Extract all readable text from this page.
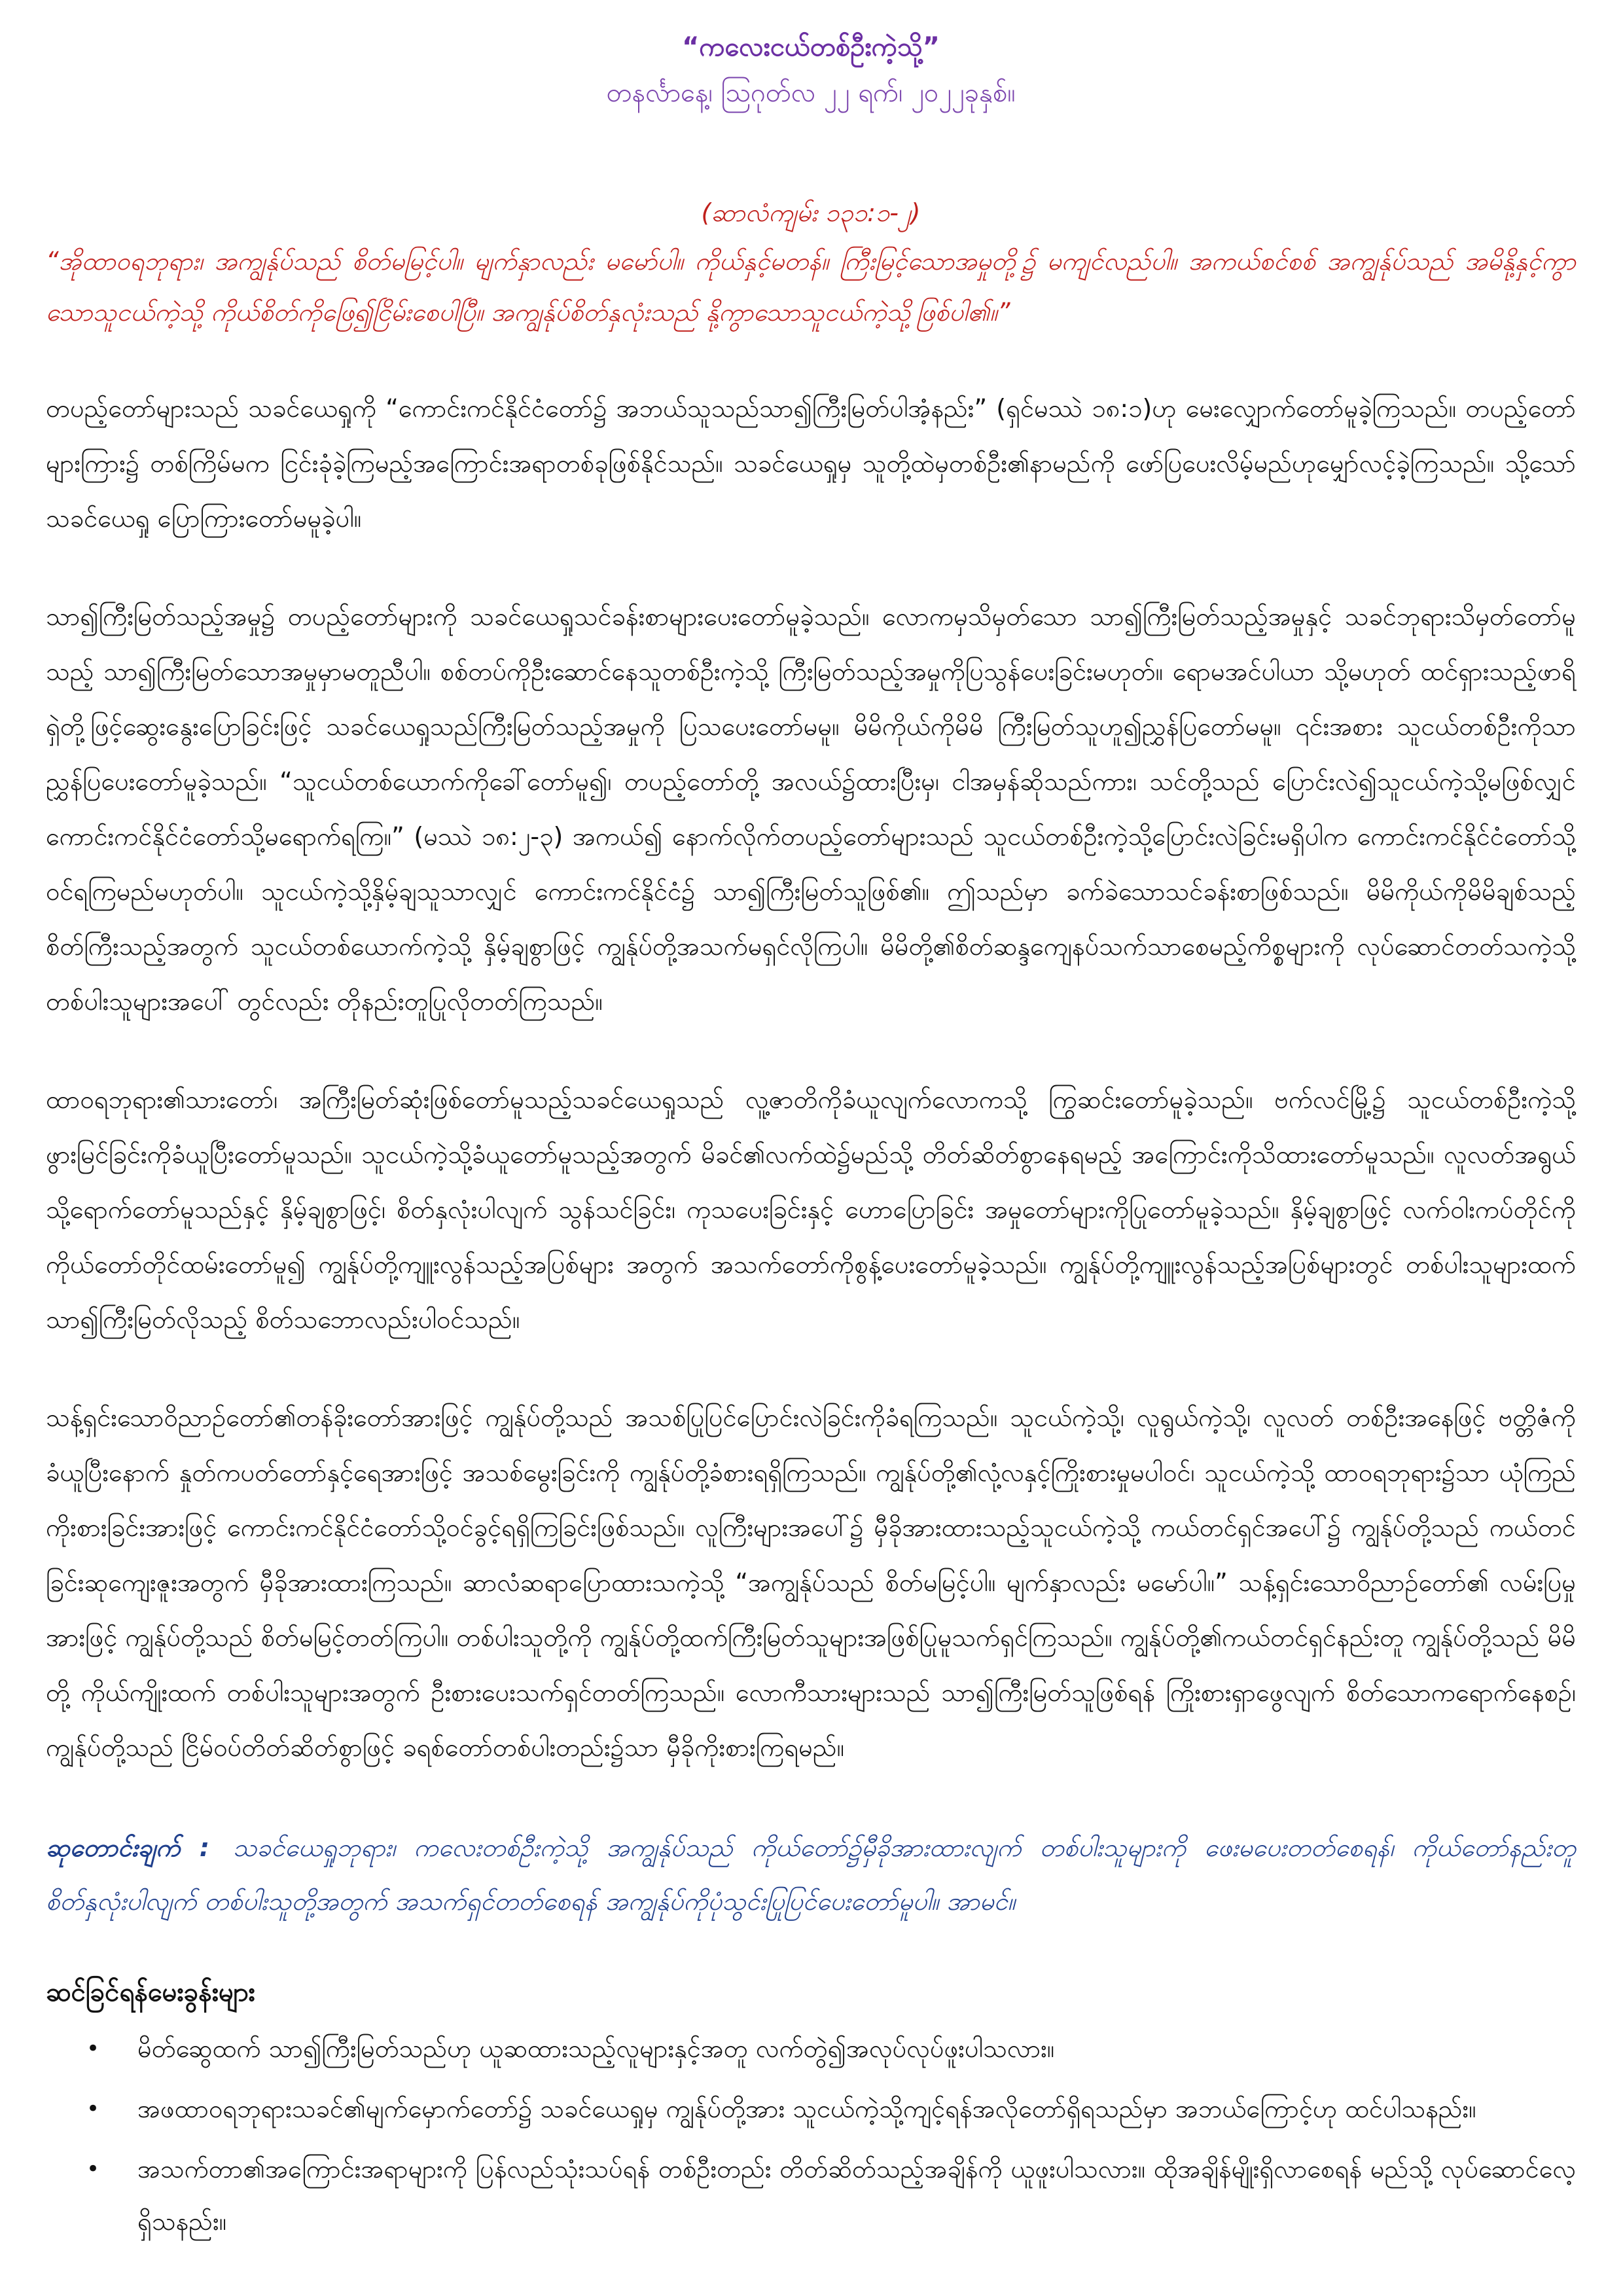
“ကလေးငယ်တစ်ဦးကဲ့သို့”

တနင်္လာနေ့၊ ဩဂုတ်လ ၂၂ ရက်၊ ၂၀၂၂ခုနှစ်။

(ဆာလံကျမ်း ၁၃၁:၁-၂)

“အိုထာဝရဘုရား၊ အကျွန်ုပ်သည် စိတ်မမြင့်ပါ။ မျက်နှာလည်း မမော်ပါ။ ကိုယ်နှင့်မတန်။ ကြီးမြင့်သောအမှုတို့၌ မကျင်လည်ပါ။ အကယ်စင်စစ် အကျွန်ုပ်သည် အမိနို့နှင့်ကွာသောသူငယ်ကဲ့သို့ ကိုယ်စိတ်ကိုဖြေ၍ငြိမ်းစေပါပြီ။ အကျွန်ုပ်စိတ်နှလုံးသည် နို့ကွာသောသူငယ်ကဲ့သို့ဖြစ်ပါ၏။”

တပည့်တော်များသည် သခင်ယေရှုကို “ကောင်းကင်နိုင်ငံတော်၌ အဘယ်သူသည်သာ၍ကြီးမြတ်ပါအံ့နည်း” (ရှင်မဿဲ ၁၈:၁)ဟု မေးလျှောက်တော်မူခဲ့ကြသည်။ တပည့်တော်များကြား၌ တစ်ကြိမ်မက ငြင်းခုံခဲ့ကြမည့်အကြောင်းအရာတစ်ခုဖြစ်နိုင်သည်။ သခင်ယေရှုမှ သူတို့ထဲမှတစ်ဦး၏နာမည်ကို ဖော်ပြပေးလိမ့်မည်ဟုမျှော်လင့်ခဲ့ကြသည်။ သို့သော် သခင်ယေရှု ပြောကြားတော်မမူခဲ့ပါ။

သာ၍ကြီးမြတ်သည့်အမှု၌ တပည့်တော်များကို သခင်ယေရှုသင်ခန်းစာများပေးတော်မူခဲ့သည်။ လောကမှသိမှတ်သော သာ၍ကြီးမြတ်သည့်အမှုနှင့် သခင်ဘုရားသိမှတ်တော်မူသည့် သာ၍ကြီးမြတ်သောအမှုမှာမတူညီပါ။ စစ်တပ်ကိုဦးဆောင်နေသူတစ်ဦးကဲ့သို့ ကြီးမြတ်သည့်အမှုကိုပြသွန်ပေးခြင်းမဟုတ်။ ရောမအင်ပါယာ သို့မဟုတ် ထင်ရှားသည့်ဖာရိရှဲတို့ဖြင့်ဆွေးနွေးပြောခြင်းဖြင့် သခင်ယေရှုသည်ကြီးမြတ်သည့်အမှုကို ပြသပေးတော်မမူ။ မိမိကိုယ်ကိုမိမိ ကြီးမြတ်သူဟူ၍ညွှန်ပြတော်မမူ။ ၎င်းအစား သူငယ်တစ်ဦးကိုသာညွှန်ပြပေးတော်မူခဲ့သည်။ “သူငယ်တစ်ယောက်ကိုခေါ်တော်မူ၍၊ တပည့်တော်တို့ အလယ်၌ထားပြီးမှ၊ ငါအမှန်ဆိုသည်ကား၊ သင်တို့သည် ပြောင်းလဲ၍သူငယ်ကဲ့သို့မဖြစ်လျှင် ကောင်းကင်နိုင်ငံတော်သို့မရောက်ရကြ။” (မဿဲ ၁၈:၂-၃) အကယ်၍ နောက်လိုက်တပည့်တော်များသည် သူငယ်တစ်ဦးကဲ့သို့ပြောင်းလဲခြင်းမရှိပါက ကောင်းကင်နိုင်ငံတော်သို့ဝင်ရကြမည်မဟုတ်ပါ။ သူငယ်ကဲ့သို့နှိမ့်ချသူသာလျှင် ကောင်းကင်နိုင်ငံ၌ သာ၍ကြီးမြတ်သူဖြစ်၏။ ဤသည်မှာ ခက်ခဲသောသင်ခန်းစာဖြစ်သည်။ မိမိကိုယ်ကိုမိမိချစ်သည့် စိတ်ကြီးသည့်အတွက် သူငယ်တစ်ယောက်ကဲ့သို့ နှိမ့်ချစွာဖြင့် ကျွန်ုပ်တို့အသက်မရှင်လိုကြပါ။ မိမိတို့၏စိတ်ဆန္ဒကျေနပ်သက်သာစေမည့်ကိစ္စများကို လုပ်ဆောင်တတ်သကဲ့သို့ တစ်ပါးသူများအပေါ် တွင်လည်း တိုနည်းတူပြုလိုတတ်ကြသည်။

ထာဝရဘုရား၏သားတော်၊ အကြီးမြတ်ဆုံးဖြစ်တော်မူသည့်သခင်ယေရှုသည် လူ့ဇာတိကိုခံယူလျက်လောကသို့ ကြွဆင်းတော်မူခဲ့သည်။ ဗက်လင်မြို့၌ သူငယ်တစ်ဦးကဲ့သို့ ဖွားမြင်ခြင်းကိုခံယူပြီးတော်မူသည်။ သူငယ်ကဲ့သို့ခံယူတော်မူသည့်အတွက် မိခင်၏လက်ထဲ၌မည်သို့ တိတ်ဆိတ်စွာနေရမည့် အကြောင်းကိုသိထားတော်မူသည်။ လူလတ်အရွယ်သို့ရောက်တော်မူသည်နှင့် နှိမ့်ချစွာဖြင့်၊ စိတ်နှလုံးပါလျက် သွန်သင်ခြင်း၊ ကုသပေးခြင်းနှင့် ဟောပြောခြင်း အမှုတော်များကိုပြုတော်မူခဲ့သည်။ နှိမ့်ချစွာဖြင့် လက်ဝါးကပ်တိုင်ကို ကိုယ်တော်တိုင်ထမ်းတော်မူ၍ ကျွန်ုပ်တို့ကျူးလွန်သည့်အပြစ်များ အတွက် အသက်တော်ကိုစွန့်ပေးတော်မူခဲ့သည်။ ကျွန်ုပ်တို့ကျူးလွန်သည့်အပြစ်များတွင် တစ်ပါးသူများထက် သာ၍ကြီးမြတ်လိုသည့် စိတ်သဘောလည်းပါဝင်သည်။

သန့်ရှင်းသောဝိညာဉ်တော်၏တန်ခိုးတော်အားဖြင့် ကျွန်ုပ်တို့သည် အသစ်ပြုပြင်ပြောင်းလဲခြင်းကိုခံရကြသည်။ သူငယ်ကဲ့သို့၊ လူရွယ်ကဲ့သို့၊ လူလတ် တစ်ဦးအနေဖြင့် ဗတ္တိဇံကိုခံယူပြီးနောက် နှုတ်ကပတ်တော်နှင့်ရေအားဖြင့် အသစ်မွေးခြင်းကို ကျွန်ုပ်တို့ခံစားရရှိကြသည်။ ကျွန်ုပ်တို့၏လုံ့လနှင့်ကြိုးစားမှုမပါဝင်၊ သူငယ်ကဲ့သို့ ထာဝရဘုရား၌သာ ယုံကြည်ကိုးစားခြင်းအားဖြင့် ကောင်းကင်နိုင်ငံတော်သို့ဝင်ခွင့်ရရှိကြခြင်းဖြစ်သည်။ လူကြီးများအပေါ်၌ မှီခိုအားထားသည့်သူငယ်ကဲ့သို့ ကယ်တင်ရှင်အပေါ်၌ ကျွန်ုပ်တို့သည် ကယ်တင်ခြင်းဆုကျေးဇူးအတွက် မှီခိုအားထားကြသည်။ ဆာလံဆရာပြောထားသကဲ့သို့ “အကျွန်ုပ်သည် စိတ်မမြင့်ပါ။ မျက်နှာလည်း မမော်ပါ။” သန့်ရှင်းသောဝိညာဉ်တော်၏ လမ်းပြမှုအားဖြင့် ကျွန်ုပ်တို့သည် စိတ်မမြင့်တတ်ကြပါ။ တစ်ပါးသူတို့ကို ကျွန်ုပ်တို့ထက်ကြီးမြတ်သူများအဖြစ်ပြုမူသက်ရှင်ကြသည်။ ကျွန်ုပ်တို့၏ကယ်တင်ရှင်နည်းတူ ကျွန်ုပ်တို့သည် မိမိတို့ ကိုယ်ကျိုးထက် တစ်ပါးသူများအတွက် ဦးစားပေးသက်ရှင်တတ်ကြသည်။ လောကီသားများသည် သာ၍ကြီးမြတ်သူဖြစ်ရန် ကြိုးစားရှာဖွေလျက် စိတ်သောကရောက်နေစဉ်၊ ကျွန်ုပ်တို့သည် ငြိမ်ဝပ်တိတ်ဆိတ်စွာဖြင့် ခရစ်တော်တစ်ပါးတည်း၌သာ မှီခိုကိုးစားကြရမည်။

ဆုတောင်းချက် : သခင်ယေရှုဘုရား၊ ကလေးတစ်ဦးကဲ့သို့ အကျွန်ုပ်သည် ကိုယ်တော်၌မှီခိုအားထားလျက် တစ်ပါးသူများကို ဖေးမပေးတတ်စေရန်၊ ကိုယ်တော်နည်းတူ စိတ်နှလုံးပါလျက် တစ်ပါးသူတို့အတွက် အသက်ရှင်တတ်စေရန် အကျွန်ုပ်ကိုပုံသွင်းပြုပြင်ပေးတော်မူပါ။ အာမင်။

ဆင်ခြင်ရန်မေးခွန်းများ

• မိတ်ဆွေထက် သာ၍ကြီးမြတ်သည်ဟု ယူဆထားသည့်လူများနှင့်အတူ လက်တွဲ၍အလုပ်လုပ်ဖူးပါသလား။
• အဖထာဝရဘုရားသခင်၏မျက်မှောက်တော်၌ သခင်ယေရှုမှ ကျွန်ုပ်တို့အား သူငယ်ကဲ့သို့ကျင့်ရန်အလိုတော်ရှိရသည်မှာ အဘယ်ကြောင့်ဟု ထင်ပါသနည်း။
• အသက်တာ၏အကြောင်းအရာများကို ပြန်လည်သုံးသပ်ရန် တစ်ဦးတည်း တိတ်ဆိတ်သည့်အချိန်ကို ယူဖူးပါသလား။ ထိုအချိန်မျိုးရှိလာစေရန် မည်သို့ လုပ်ဆောင်လေ့ရှိသနည်း။
